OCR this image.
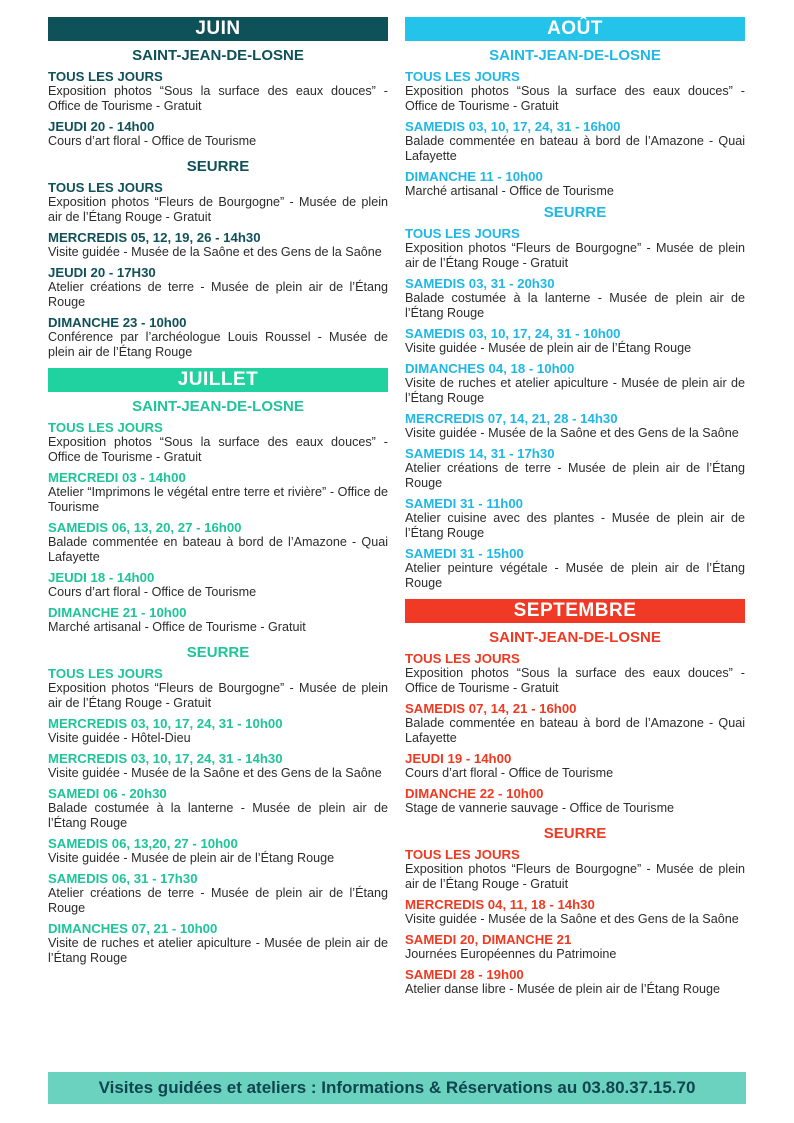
JUIN
SAINT-JEAN-DE-LOSNE
TOUS LES JOURS
Exposition photos “Sous la surface des eaux douces” - Office de Tourisme - Gratuit
JEUDI 20 - 14h00
Cours d’art floral - Office de Tourisme
SEURRE
TOUS LES JOURS
Exposition photos “Fleurs de Bourgogne” - Musée de plein air de l’Étang Rouge - Gratuit
MERCREDIS 05, 12, 19, 26 - 14h30
Visite guidée - Musée de la Saône et des Gens de la Saône
JEUDI 20 - 17H30
Atelier créations de terre - Musée de plein air de l’Étang Rouge
DIMANCHE 23 - 10h00
Conférence par l’archéologue Louis Roussel - Musée de plein air de l’Étang Rouge
JUILLET
SAINT-JEAN-DE-LOSNE
TOUS LES JOURS
Exposition photos “Sous la surface des eaux douces” - Office de Tourisme - Gratuit
MERCREDI 03 - 14h00
Atelier “Imprimons le végétal entre terre et rivière” - Office de Tourisme
SAMEDIS 06, 13, 20, 27 - 16h00
Balade commentée en bateau à bord de l’Amazone - Quai Lafayette
JEUDI 18 - 14h00
Cours d’art floral - Office de Tourisme
DIMANCHE 21 - 10h00
Marché artisanal - Office de Tourisme - Gratuit
SEURRE
TOUS LES JOURS
Exposition photos “Fleurs de Bourgogne” - Musée de plein air de l’Étang Rouge - Gratuit
MERCREDIS 03, 10, 17, 24, 31 - 10h00
Visite guidée - Hôtel-Dieu
MERCREDIS 03, 10, 17, 24, 31 - 14h30
Visite guidée - Musée de la Saône et des Gens de la Saône
SAMEDI 06 - 20h30
Balade costumée à la lanterne - Musée de plein air de l’Étang Rouge
SAMEDIS 06, 13,20, 27 - 10h00
Visite guidée - Musée de plein air de l’Étang Rouge
SAMEDIS 06, 31 - 17h30
Atelier créations de terre - Musée de plein air de l’Étang Rouge
DIMANCHES 07, 21 - 10h00
Visite de ruches et atelier apiculture - Musée de plein air de l’Étang Rouge
AOÛT
SAINT-JEAN-DE-LOSNE
TOUS LES JOURS
Exposition photos “Sous la surface des eaux douces” - Office de Tourisme - Gratuit
SAMEDIS 03, 10, 17, 24, 31 - 16h00
Balade commentée en bateau à bord de l’Amazone - Quai Lafayette
DIMANCHE 11 - 10h00
Marché artisanal - Office de Tourisme
SEURRE
TOUS LES JOURS
Exposition photos “Fleurs de Bourgogne” - Musée de plein air de l’Étang Rouge - Gratuit
SAMEDIS 03, 31 - 20h30
Balade costumée à la lanterne - Musée de plein air de l’Étang Rouge
SAMEDIS 03, 10, 17, 24, 31 - 10h00
Visite guidée - Musée de plein air de l’Étang Rouge
DIMANCHES 04, 18 - 10h00
Visite de ruches et atelier apiculture - Musée de plein air de l’Étang Rouge
MERCREDIS 07, 14, 21, 28 - 14h30
Visite guidée - Musée de la Saône et des Gens de la Saône
SAMEDIS 14, 31 - 17h30
Atelier créations de terre - Musée de plein air de l’Étang Rouge
SAMEDI 31 - 11h00
Atelier cuisine avec des plantes - Musée de plein air de l’Étang Rouge
SAMEDI 31 - 15h00
Atelier peinture végétale - Musée de plein air de l’Étang Rouge
SEPTEMBRE
SAINT-JEAN-DE-LOSNE
TOUS LES JOURS
Exposition photos “Sous la surface des eaux douces” - Office de Tourisme - Gratuit
SAMEDIS 07, 14, 21 - 16h00
Balade commentée en bateau à bord de l’Amazone - Quai Lafayette
JEUDI 19 - 14h00
Cours d’art floral - Office de Tourisme
DIMANCHE 22 - 10h00
Stage de vannerie sauvage - Office de Tourisme
SEURRE
TOUS LES JOURS
Exposition photos “Fleurs de Bourgogne” - Musée de plein air de l’Étang Rouge - Gratuit
MERCREDIS 04, 11, 18 - 14h30
Visite guidée - Musée de la Saône et des Gens de la Saône
SAMEDI 20, DIMANCHE 21
Journées Européennes du Patrimoine
SAMEDI 28 - 19h00
Atelier danse libre - Musée de plein air de l’Étang Rouge
Visites guidées et ateliers : Informations & Réservations au 03.80.37.15.70
